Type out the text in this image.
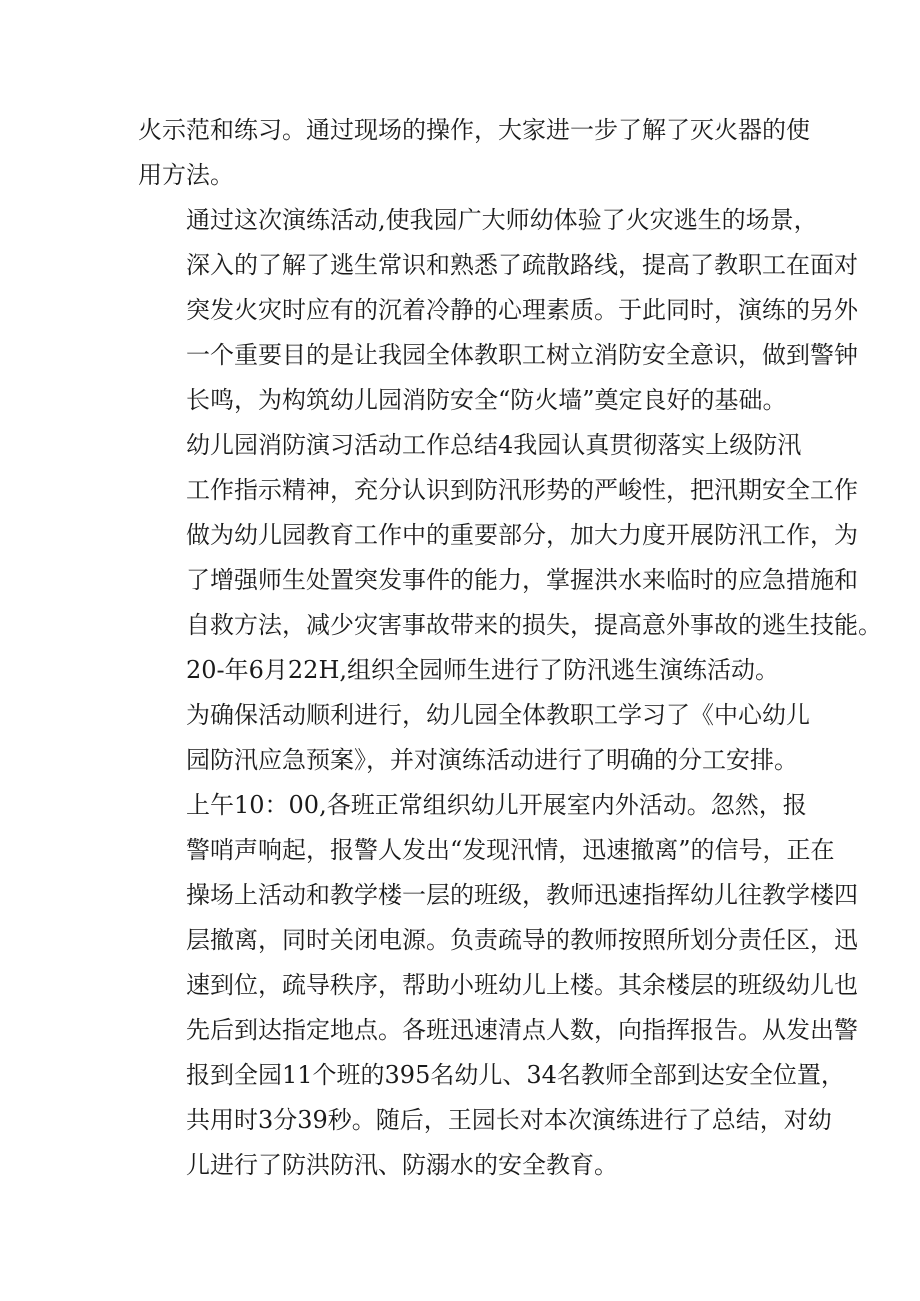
火示范和练习。通过现场的操作，大家进一步了解了灭火器的使
用方法。
通过这次演练活动,使我园广大师幼体验了火灾逃生的场景，
深入的了解了逃生常识和熟悉了疏散路线，提高了教职工在面对
突发火灾时应有的沉着冷静的心理素质。于此同时，演练的另外
一个重要目的是让我园全体教职工树立消防安全意识，做到警钟
长鸣，为构筑幼儿园消防安全“防火墙”奠定良好的基础。
幼儿园消防演习活动工作总结4我园认真贯彻落实上级防汛
工作指示精神，充分认识到防汛形势的严峻性，把汛期安全工作
做为幼儿园教育工作中的重要部分，加大力度开展防汛工作，为
了增强师生处置突发事件的能力，掌握洪水来临时的应急措施和
自救方法，减少灾害事故带来的损失，提高意外事故的逃生技能。
20-年6月22H,组织全园师生进行了防汛逃生演练活动。
为确保活动顺利进行，幼儿园全体教职工学习了《中心幼儿
园防汛应急预案》，并对演练活动进行了明确的分工安排。
上午10：00,各班正常组织幼儿开展室内外活动。忽然，报
警哨声响起，报警人发出“发现汛情，迅速撤离”的信号，正在
操场上活动和教学楼一层的班级，教师迅速指挥幼儿往教学楼四
层撤离，同时关闭电源。负责疏导的教师按照所划分责任区，迅
速到位，疏导秩序，帮助小班幼儿上楼。其余楼层的班级幼儿也
先后到达指定地点。各班迅速清点人数，向指挥报告。从发出警
报到全园11个班的395名幼儿、34名教师全部到达安全位置，
共用时3分39秒。随后，王园长对本次演练进行了总结，对幼
儿进行了防洪防汛、防溺水的安全教育。
